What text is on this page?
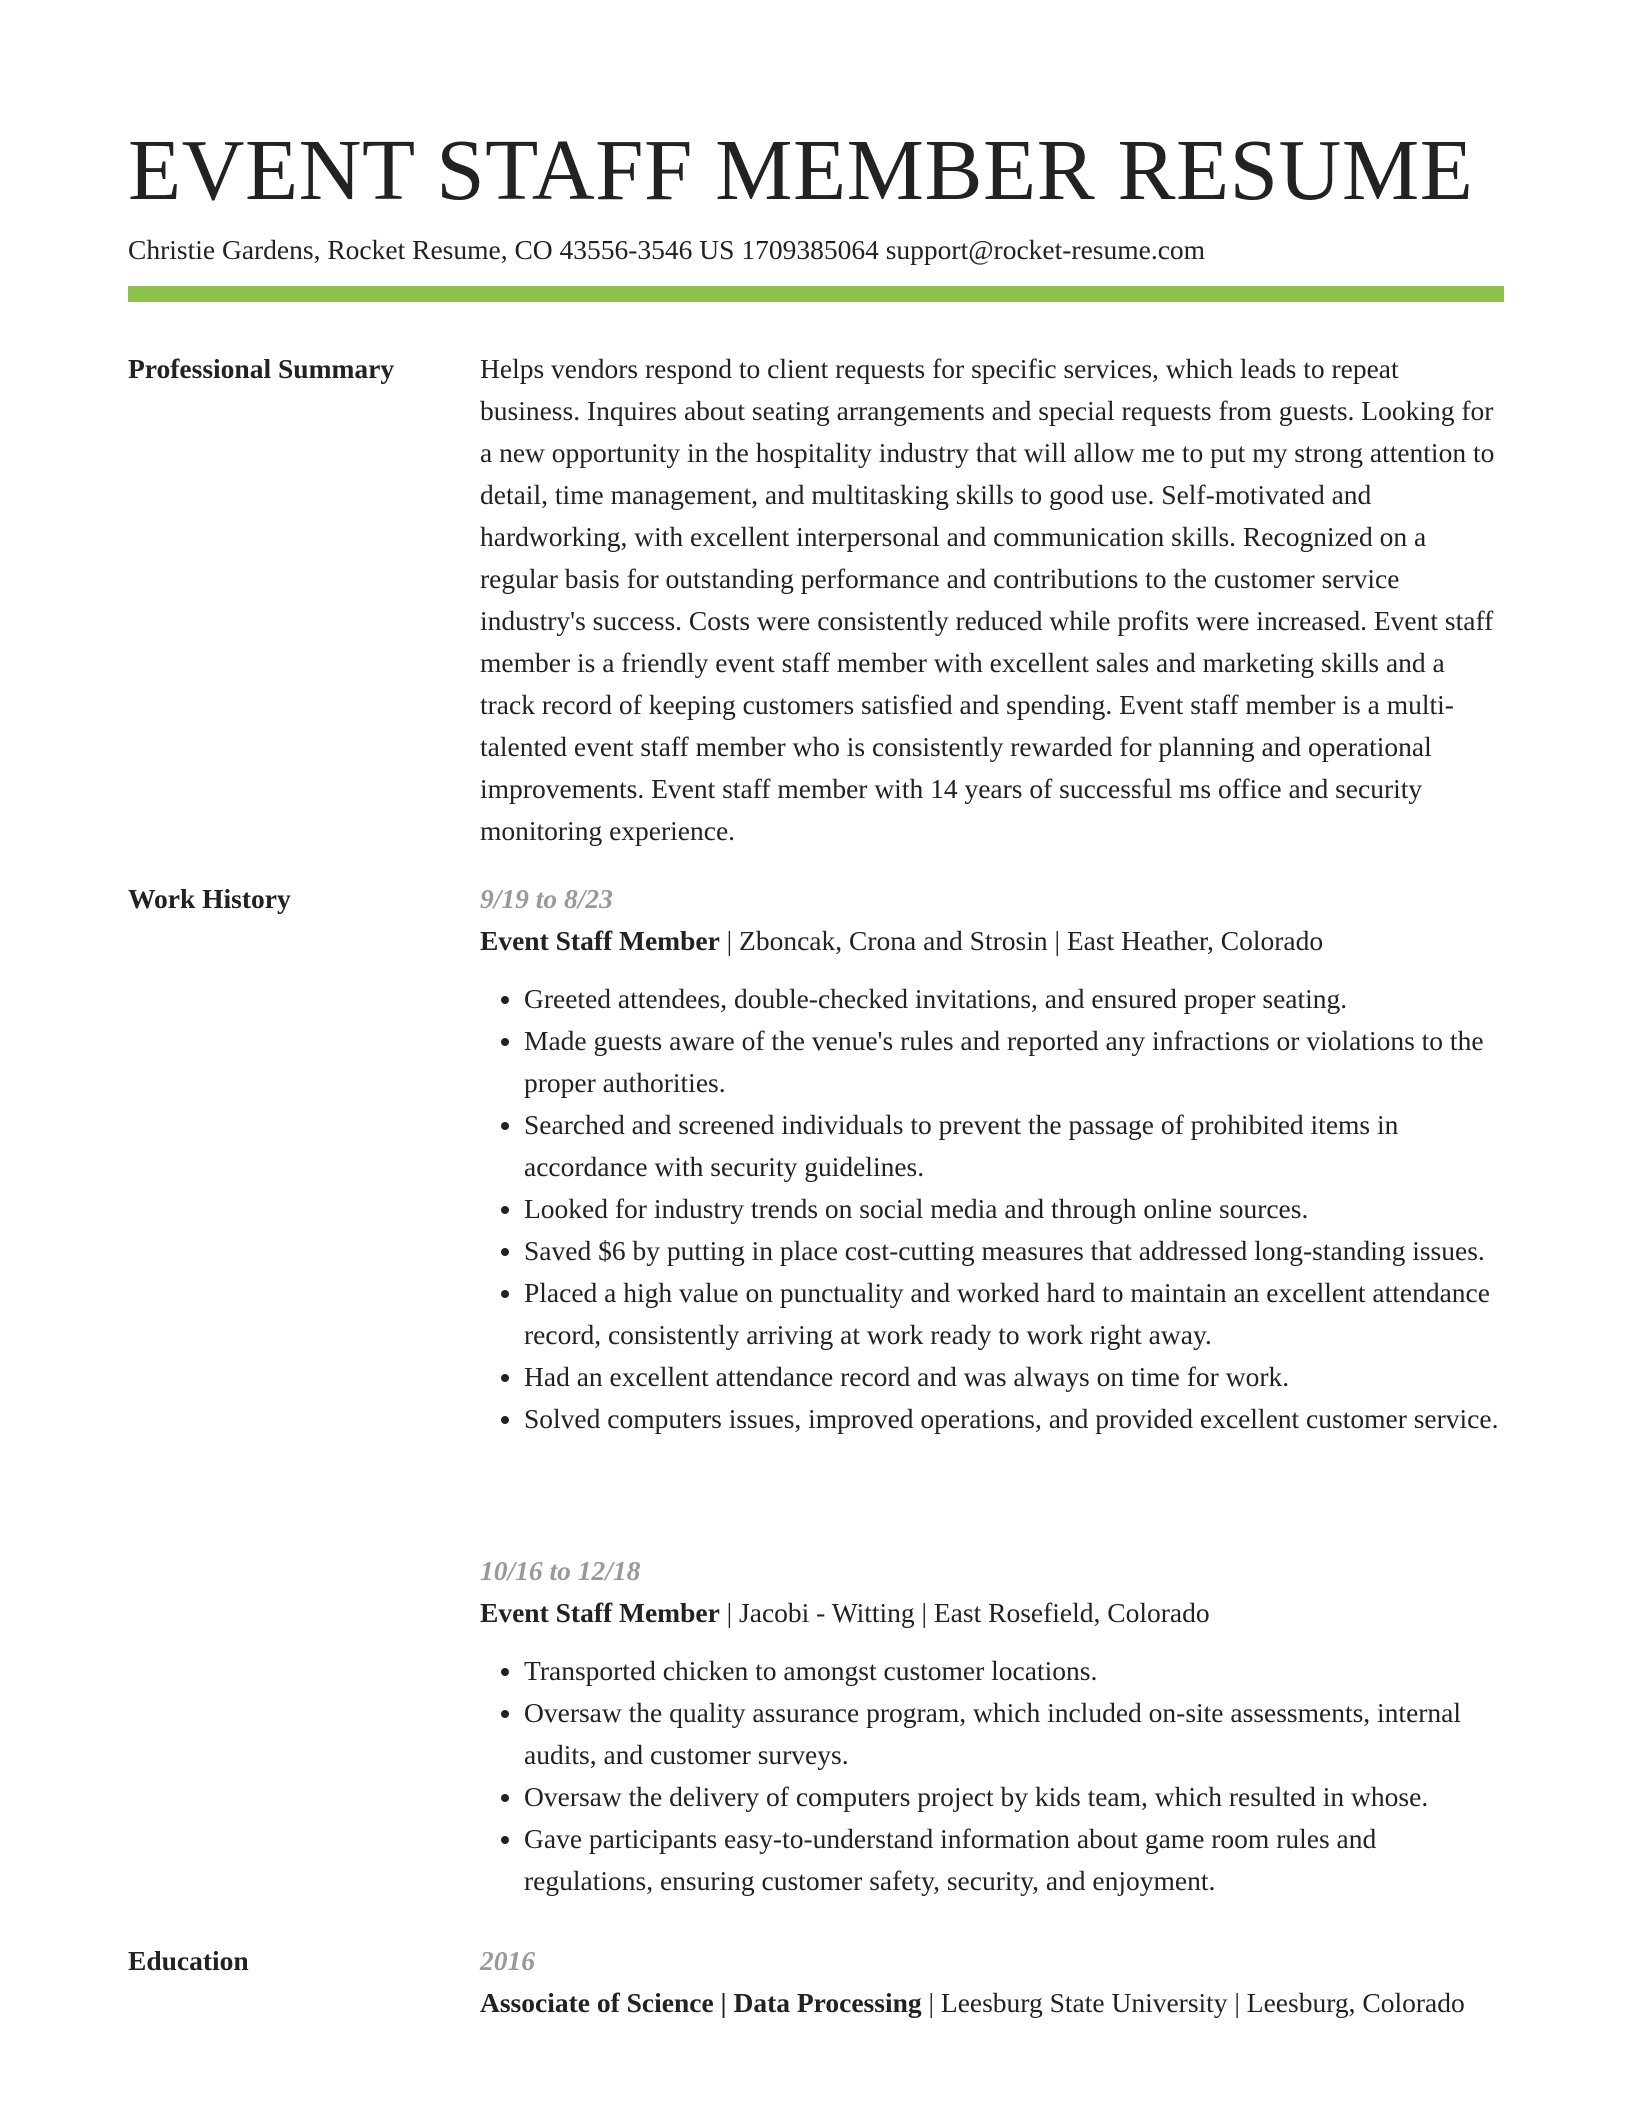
EVENT STAFF MEMBER RESUME
Christie Gardens, Rocket Resume, CO 43556-3546 US 1709385064 support@rocket-resume.com
Professional Summary	Helps vendors respond to client requests for specific services, which leads to repeat business. Inquires about seating arrangements and special requests from guests. Looking for a new opportunity in the hospitality industry that will allow me to put my strong attention to detail, time management, and multitasking skills to good use. Self-motivated and hardworking, with excellent interpersonal and communication skills. Recognized on a regular basis for outstanding performance and contributions to the customer service industry's success. Costs were consistently reduced while profits were increased. Event staff member is a friendly event staff member with excellent sales and marketing skills and a track record of keeping customers satisfied and spending. Event staff member is a multi-talented event staff member who is consistently rewarded for planning and operational improvements. Event staff member with 14 years of successful ms office and security monitoring experience.

Work History	9/19 to 8/23
Event Staff Member | Zboncak, Crona and Strosin | East Heather, Colorado
• Greeted attendees, double-checked invitations, and ensured proper seating.
• Made guests aware of the venue's rules and reported any infractions or violations to the proper authorities.
• Searched and screened individuals to prevent the passage of prohibited items in accordance with security guidelines.
• Looked for industry trends on social media and through online sources.
• Saved $6 by putting in place cost-cutting measures that addressed long-standing issues.
• Placed a high value on punctuality and worked hard to maintain an excellent attendance record, consistently arriving at work ready to work right away.
• Had an excellent attendance record and was always on time for work.
• Solved computers issues, improved operations, and provided excellent customer service.
10/16 to 12/18
Event Staff Member | Jacobi - Witting | East Rosefield, Colorado
• Transported chicken to amongst customer locations.
• Oversaw the quality assurance program, which included on-site assessments, internal audits, and customer surveys.
• Oversaw the delivery of computers project by kids team, which resulted in whose.
• Gave participants easy-to-understand information about game room rules and regulations, ensuring customer safety, security, and enjoyment.
Education	2016
Associate of Science | Data Processing | Leesburg State University | Leesburg, Colorado
